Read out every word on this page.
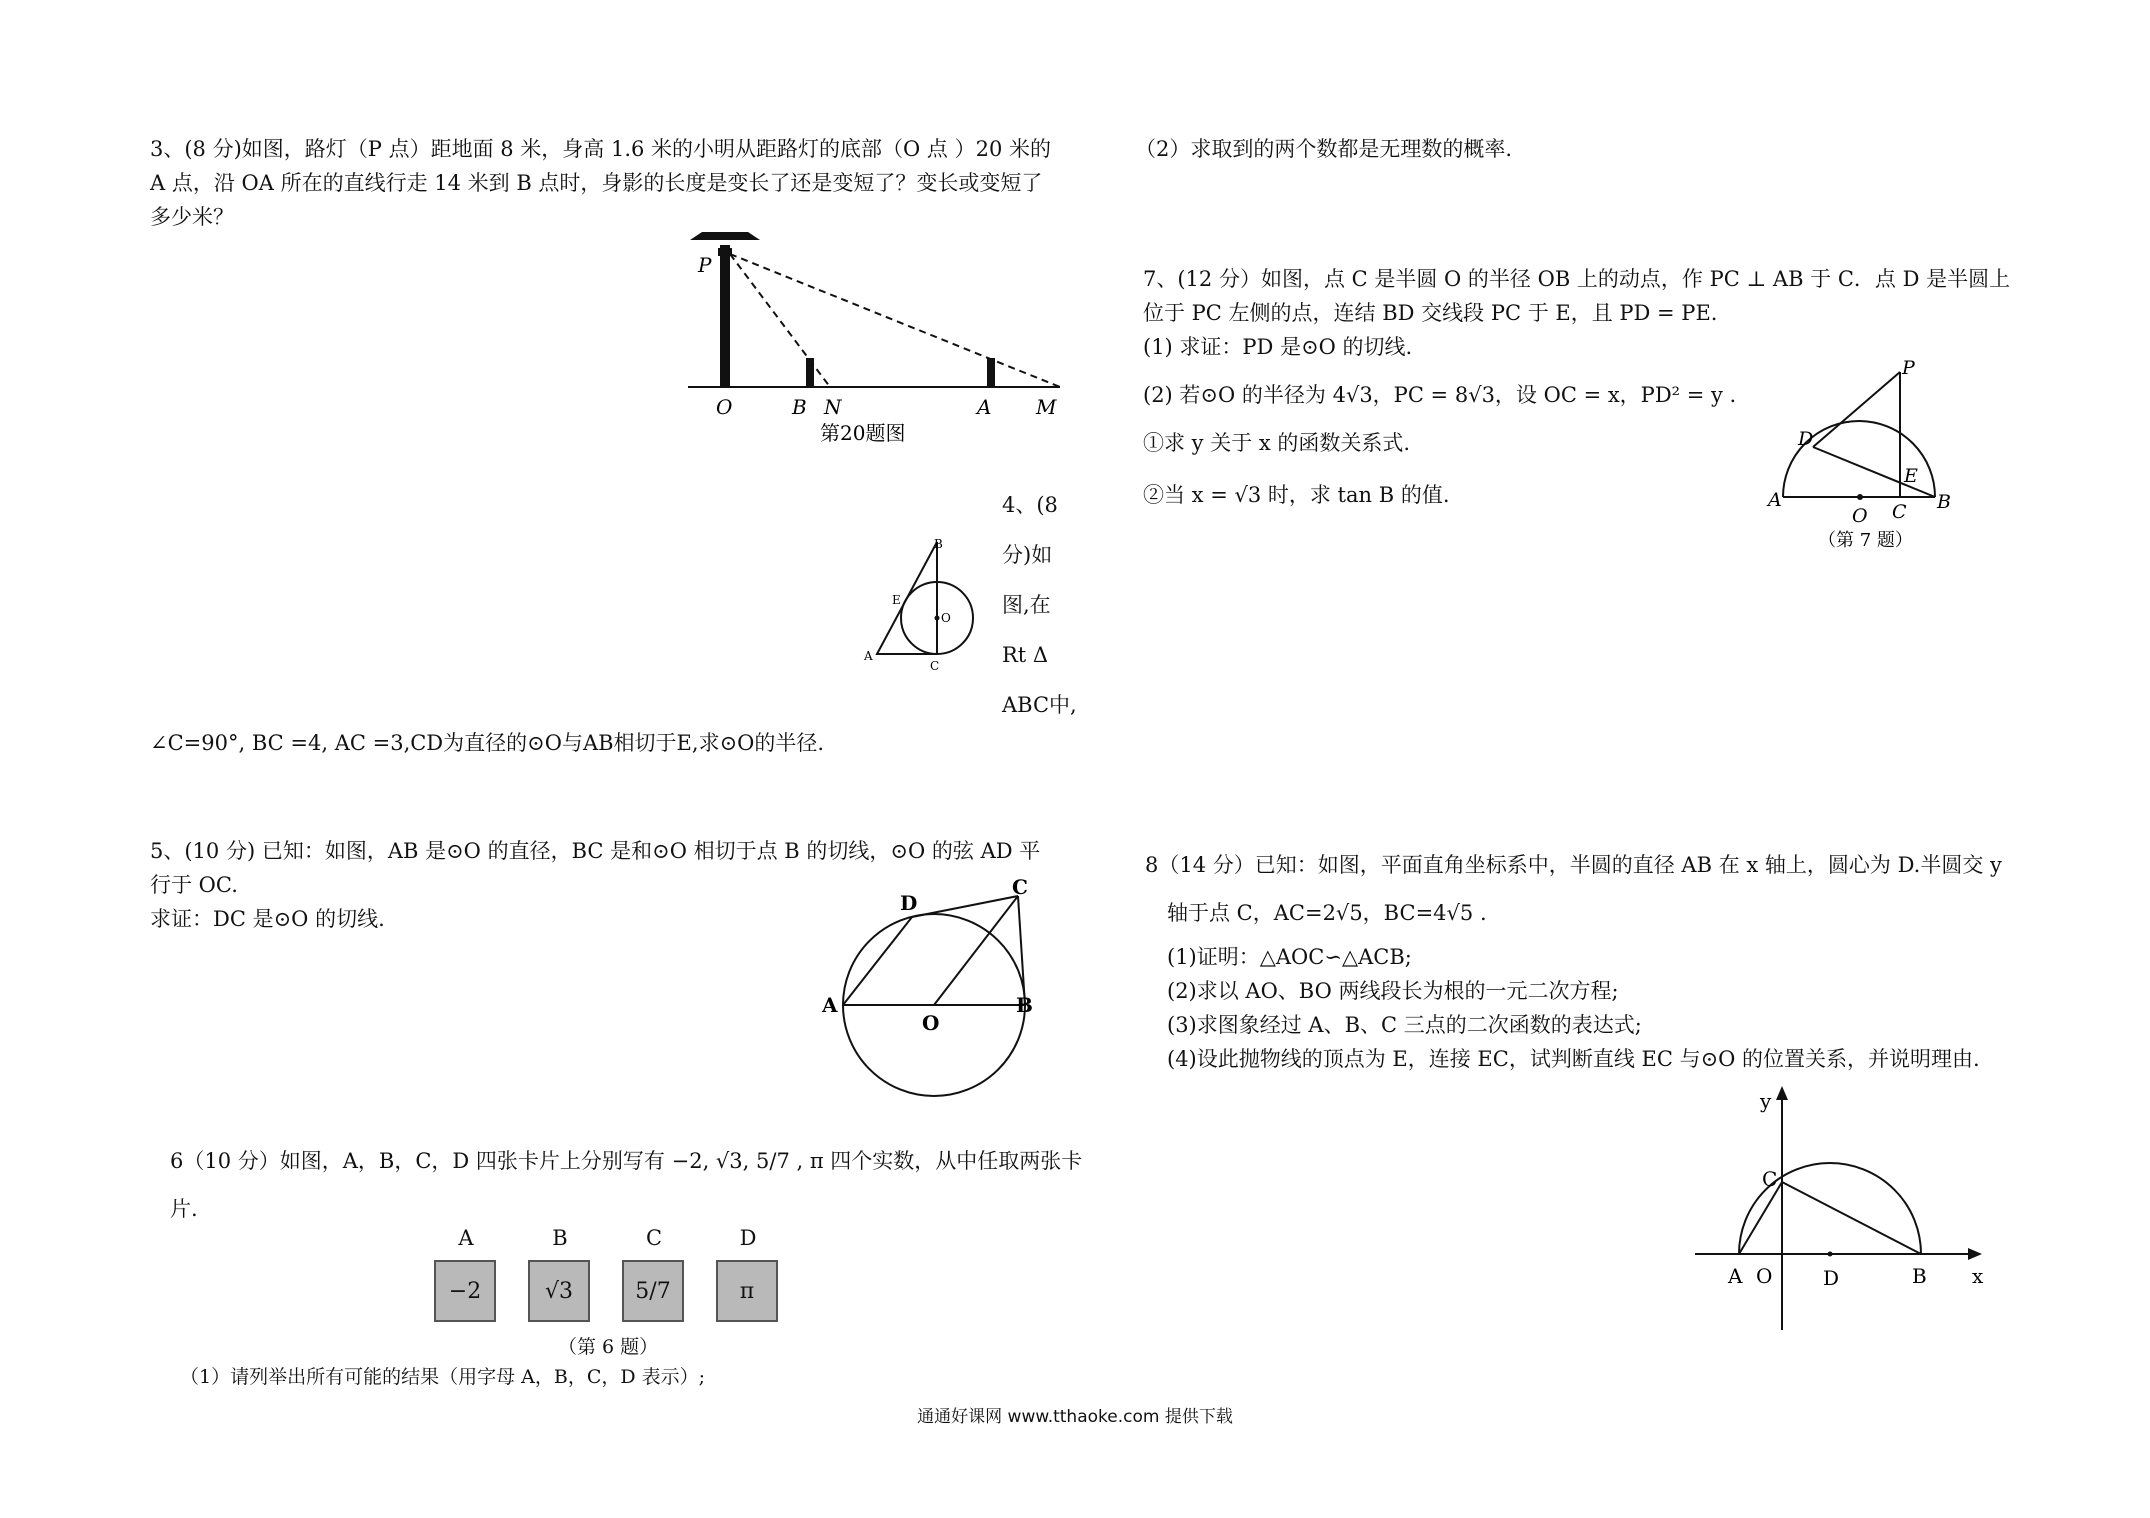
3、(8 分)如图，路灯（P 点）距地面 8 米，身高 1.6 米的小明从距路灯的底部（O 点 ）20 米的

A 点，沿 OA 所在的直线行走 14 米到 B 点时，身影的长度是变长了还是变短了？变长或变短了

多少米？

P
O	B N	A M
第20题图

4、(8

分)如

图,在

Rt Δ

ABC中,

∠C=90°, BC =4, AC =3,CD为直径的⊙O与AB相切于E,求⊙O的半径.

B
E
O
A
C

5、(10 分) 已知：如图，AB 是⊙O 的直径，BC 是和⊙O 相切于点 B 的切线，⊙O 的弦 AD 平

行于 OC.

求证：DC 是⊙O 的切线.

D
C
A
O
B

6（10 分）如图，A，B，C，D 四张卡片上分别写有 −2, √3, 5/7 , π 四个实数，从中任取两张卡

片.

A	B	C	D
−2	√3	5/7	π
（第 6 题）
（1）请列举出所有可能的结果（用字母 A，B，C，D 表示）;
（2）求取到的两个数都是无理数的概率.

7、(12 分）如图，点 C 是半圆 O 的半径 OB 上的动点，作 PC ⊥ AB 于 C．点 D 是半圆上

位于 PC 左侧的点，连结 BD 交线段 PC 于 E，且 PD = PE.

(1) 求证：PD 是⊙O 的切线.

(2) 若⊙O 的半径为 4√3，PC = 8√3，设 OC = x，PD² = y .

①求 y 关于 x 的函数关系式.

②当 x = √3 时，求 tan B 的值.

P
D
E
A
O C B
（第 7 题）

8（14 分）已知：如图，平面直角坐标系中，半圆的直径 AB 在 x 轴上，圆心为 D.半圆交 y

轴于点 C，AC=2√5，BC=4√5 .

(1)证明：△AOC∽△ACB;

(2)求以 AO、BO 两线段长为根的一元二次方程;

(3)求图象经过 A、B、C 三点的二次函数的表达式;

(4)设此抛物线的顶点为 E，连接 EC，试判断直线 EC 与⊙O 的位置关系，并说明理由.

y
C
A O	D	B x
通通好课网 www.tthaoke.com 提供下载
